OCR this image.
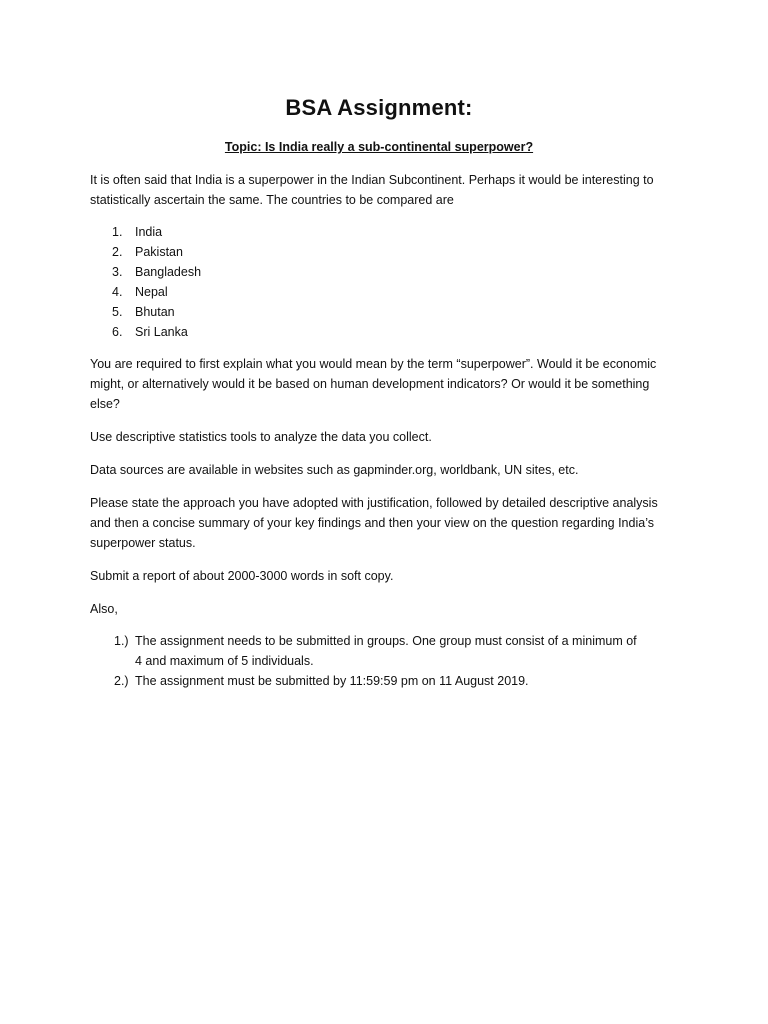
BSA Assignment:

Topic: Is India really a sub-continental superpower?

It is often said that India is a superpower in the Indian Subcontinent. Perhaps it would be interesting to statistically ascertain the same. The countries to be compared are

1.	India
2.	Pakistan
3.	Bangladesh
4.	Nepal
5.	Bhutan
6.	Sri Lanka

You are required to first explain what you would mean by the term “superpower”. Would it be economic might, or alternatively would it be based on human development indicators? Or would it be something else?

Use descriptive statistics tools to analyze the data you collect.

Data sources are available in websites such as gapminder.org, worldbank, UN sites, etc.

Please state the approach you have adopted with justification, followed by detailed descriptive analysis and then a concise summary of your key findings and then your view on the question regarding India’s superpower status.

Submit a report of about 2000-3000 words in soft copy.

Also,

1.) The assignment needs to be submitted in groups. One group must consist of a minimum of 4 and maximum of 5 individuals.
2.) The assignment must be submitted by 11:59:59 pm on 11 August 2019.
